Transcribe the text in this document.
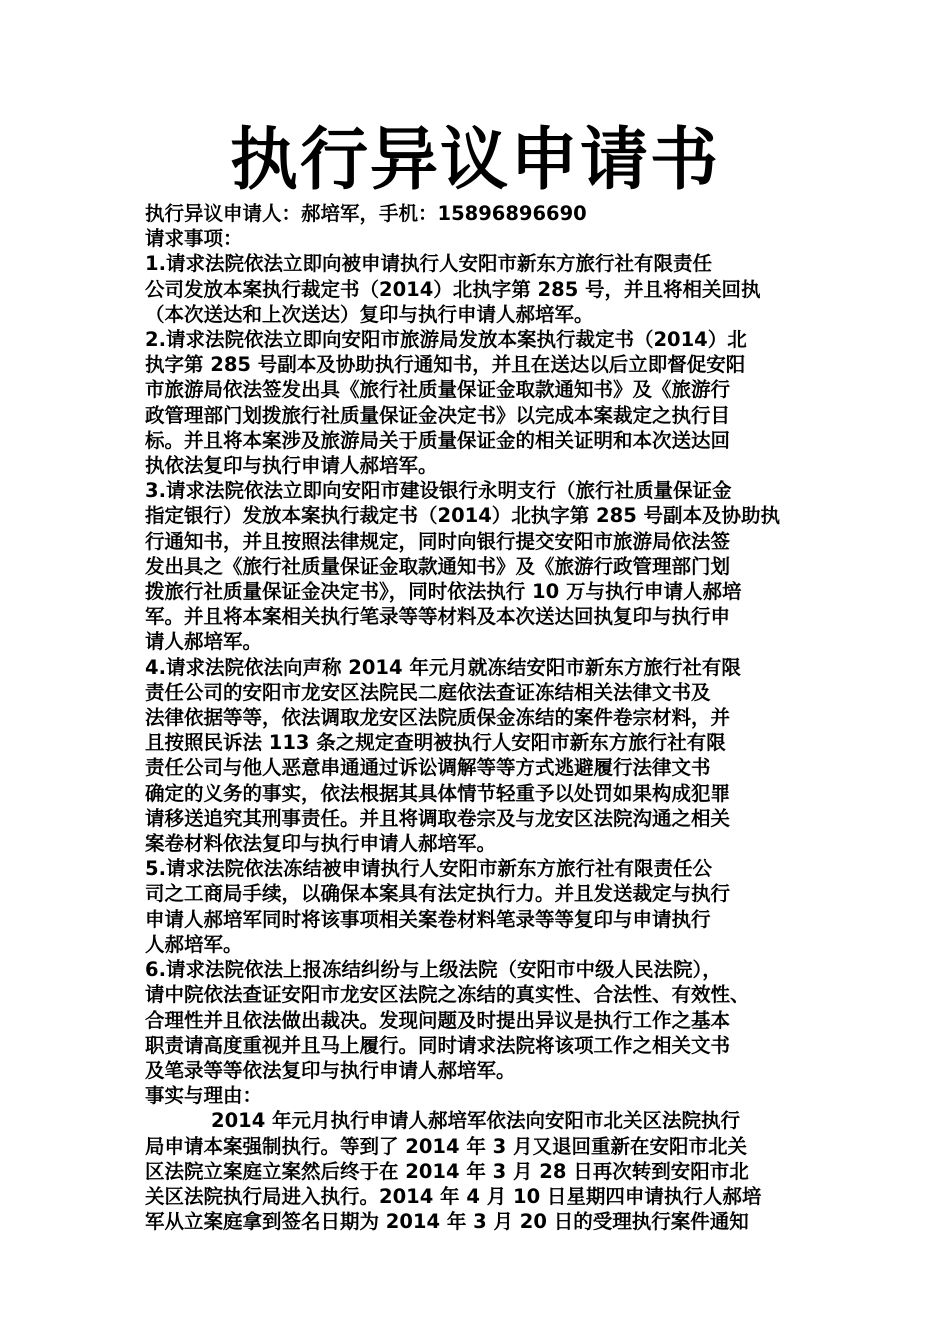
执行异议申请书

执行异议申请人：郝培军，手机：15896896690

请求事项：

1.请求法院依法立即向被申请执行人安阳市新东方旅行社有限责任

公司发放本案执行裁定书（2014）北执字第 285 号，并且将相关回执

（本次送达和上次送达）复印与执行申请人郝培军。

2.请求法院依法立即向安阳市旅游局发放本案执行裁定书（2014）北

执字第 285 号副本及协助执行通知书，并且在送达以后立即督促安阳

市旅游局依法签发出具《旅行社质量保证金取款通知书》及《旅游行

政管理部门划拨旅行社质量保证金决定书》以完成本案裁定之执行目

标。并且将本案涉及旅游局关于质量保证金的相关证明和本次送达回

执依法复印与执行申请人郝培军。

3.请求法院依法立即向安阳市建设银行永明支行（旅行社质量保证金

指定银行）发放本案执行裁定书（2014）北执字第 285 号副本及协助执

行通知书，并且按照法律规定，同时向银行提交安阳市旅游局依法签

发出具之《旅行社质量保证金取款通知书》及《旅游行政管理部门划

拨旅行社质量保证金决定书》，同时依法执行 10 万与执行申请人郝培

军。并且将本案相关执行笔录等等材料及本次送达回执复印与执行申

请人郝培军。

4.请求法院依法向声称 2014 年元月就冻结安阳市新东方旅行社有限

责任公司的安阳市龙安区法院民二庭依法查证冻结相关法律文书及

法律依据等等，依法调取龙安区法院质保金冻结的案件卷宗材料，并

且按照民诉法 113 条之规定查明被执行人安阳市新东方旅行社有限

责任公司与他人恶意串通通过诉讼调解等等方式逃避履行法律文书

确定的义务的事实，依法根据其具体情节轻重予以处罚如果构成犯罪

请移送追究其刑事责任。并且将调取卷宗及与龙安区法院沟通之相关

案卷材料依法复印与执行申请人郝培军。

5.请求法院依法冻结被申请执行人安阳市新东方旅行社有限责任公

司之工商局手续，以确保本案具有法定执行力。并且发送裁定与执行

申请人郝培军同时将该事项相关案卷材料笔录等等复印与申请执行

人郝培军。

6.请求法院依法上报冻结纠纷与上级法院（安阳市中级人民法院），

请中院依法查证安阳市龙安区法院之冻结的真实性、合法性、有效性、

合理性并且依法做出裁决。发现问题及时提出异议是执行工作之基本

职责请高度重视并且马上履行。同时请求法院将该项工作之相关文书

及笔录等等依法复印与执行申请人郝培军。

事实与理由：

2014 年元月执行申请人郝培军依法向安阳市北关区法院执行

局申请本案强制执行。等到了 2014 年 3 月又退回重新在安阳市北关

区法院立案庭立案然后终于在 2014 年 3 月 28 日再次转到安阳市北

关区法院执行局进入执行。2014 年 4 月 10 日星期四申请执行人郝培

军从立案庭拿到签名日期为 2014 年 3 月 20 日的受理执行案件通知
